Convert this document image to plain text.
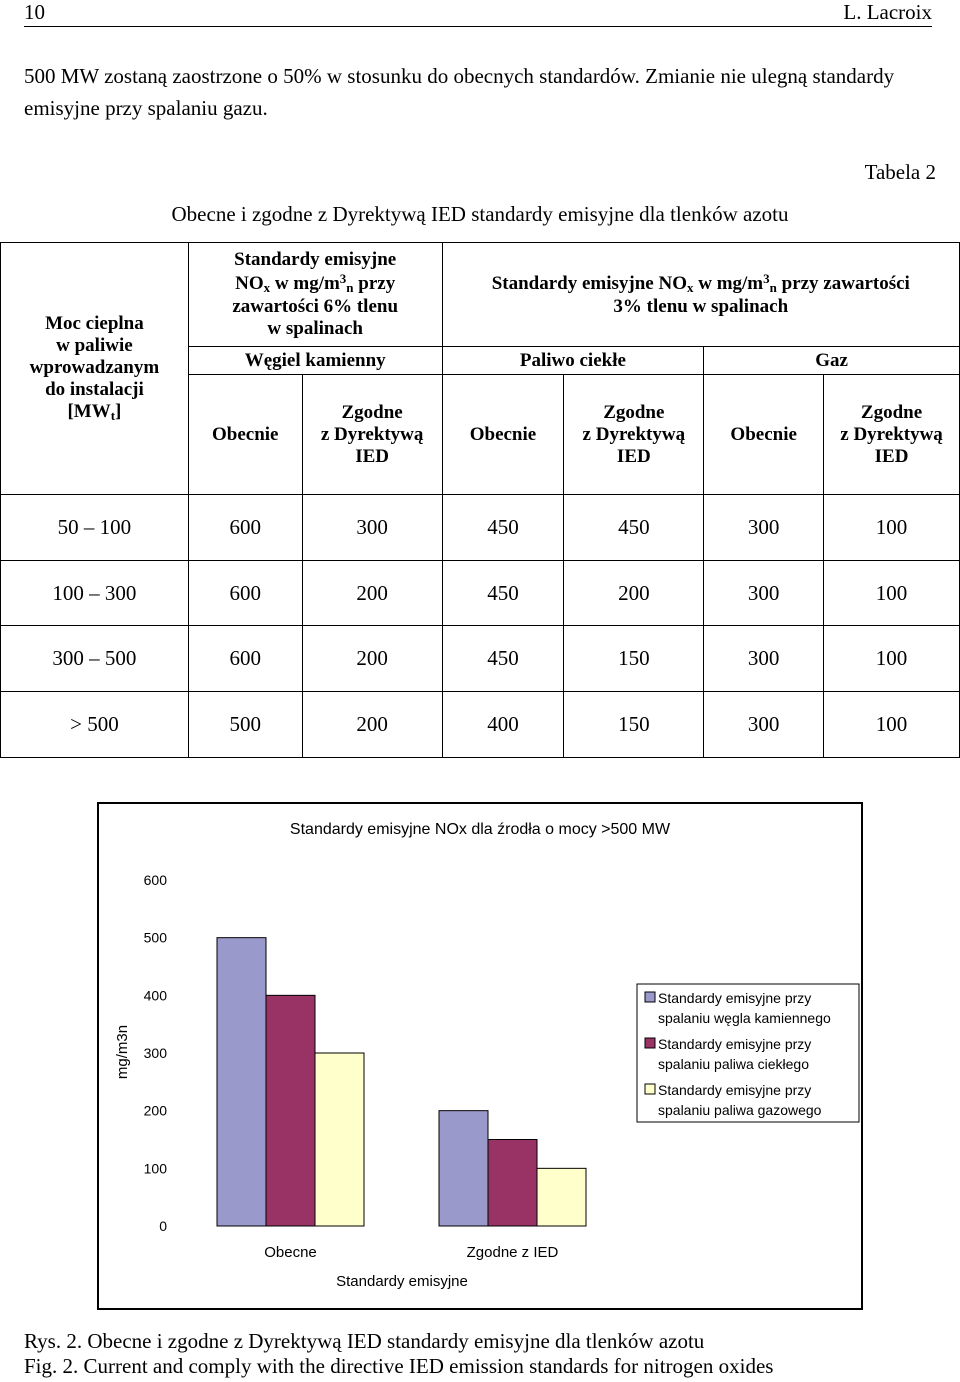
10	L. Lacroix
500 MW zostaną zaostrzone o 50% w stosunku do obecnych standardów. Zmianie nie ulegną standardy emisyjne przy spalaniu gazu.
Tabela 2
Obecne i zgodne z Dyrektywą IED standardy emisyjne dla tlenków azotu
Moc cieplna
w paliwie
wprowadzanym
do instalacji
$[MW_t]$	Standardy emisyjne
$NO_x$ w $mg/m^3_n$ przy
zawartości 6% tlenu
w spalinach		Standardy emisyjne $NO_x$ w $mg/m^3_n$ przy zawartości
3% tlenu w spalinach			
	Węgiel kamienny		Paliwo ciekłe		Gaz	
	Obecnie	Zgodne
z Dyrektywą
IED	Obecnie	Zgodne
z Dyrektywą
IED	Obecnie	Zgodne
z Dyrektywą
IED
50 – 100	600	300	450	450	300	100
100 – 300	600	200	450	200	300	100
300 – 500	600	200	450	150	300	100
> 500	500	200	400	150	300	100
Standardy emisyjne NOx dla źrodła o mocy >500 MW
mg/m3n
Standardy emisyjne
0
100
200
300
400
500
600
Obecne	Zgodne z IED
Standardy emisyjne przy
spalaniu węgla kamiennego
Standardy emisyjne przy
spalaniu paliwa ciekłego
Standardy emisyjne przy
spalaniu paliwa gazowego
Rys. 2. Obecne i zgodne z Dyrektywą IED standardy emisyjne dla tlenków azotu
Fig. 2. Current and comply with the directive IED emission standards for nitrogen oxides
